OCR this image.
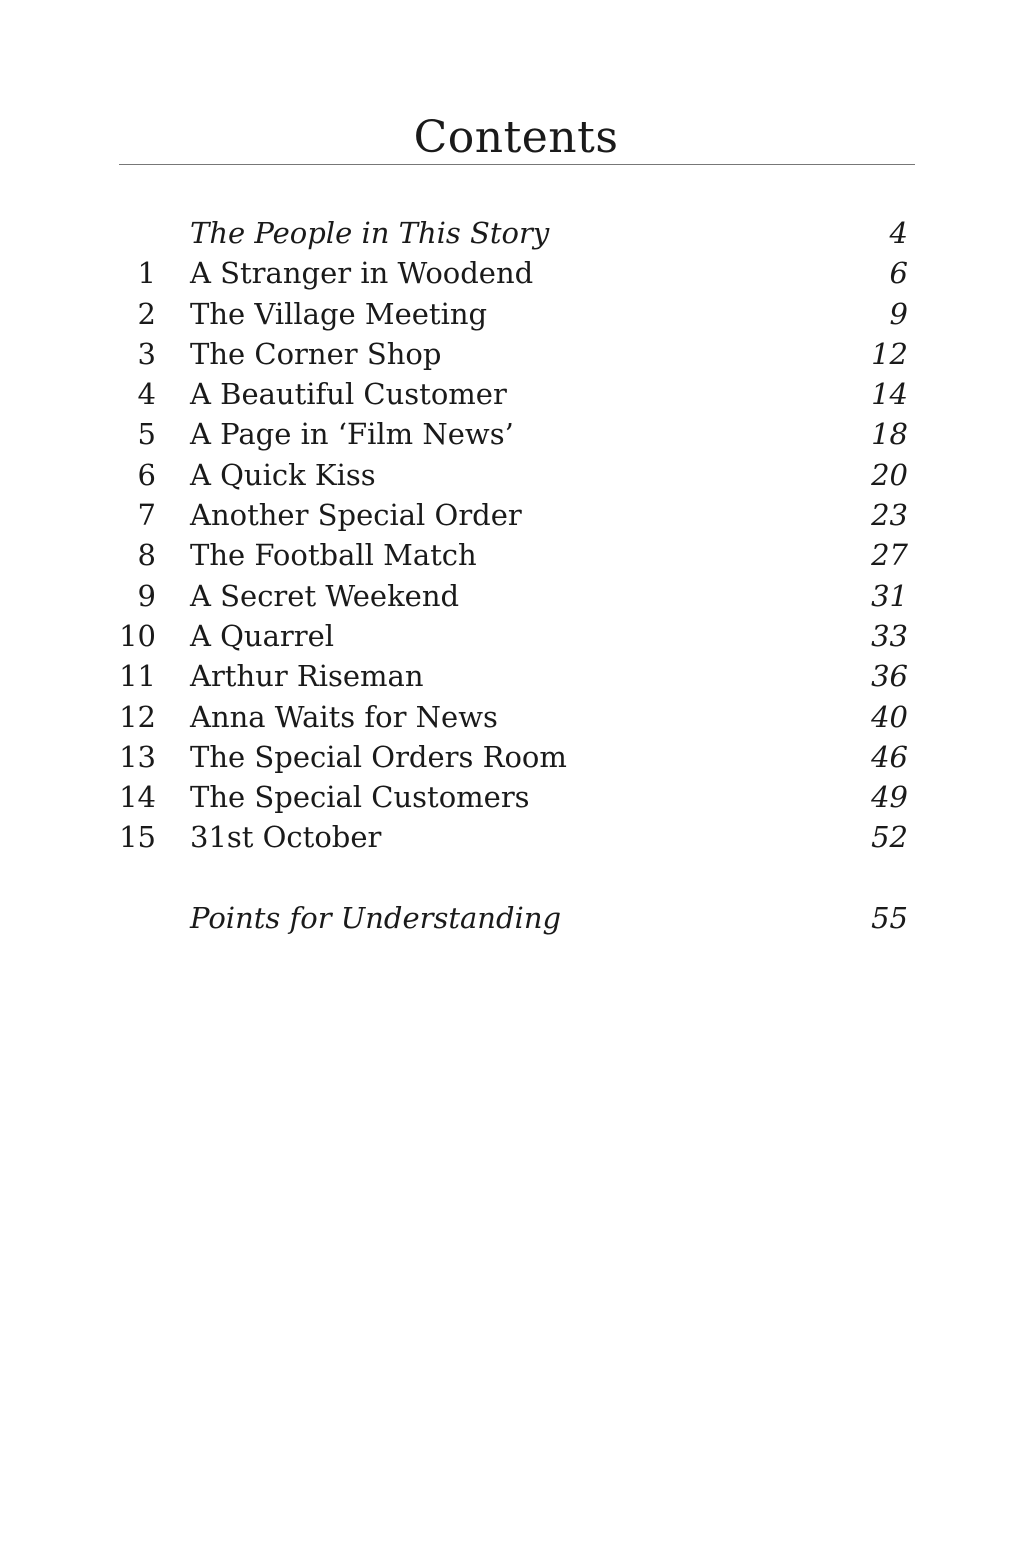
Contents
The People in This Story	4
1 A Stranger in Woodend	6
2 The Village Meeting	9
3 The Corner Shop	12
4 A Beautiful Customer	14
5 A Page in ‘Film News’	18
6 A Quick Kiss	20
7 Another Special Order	23
8 The Football Match	27
9 A Secret Weekend	31
10 A Quarrel	33
11 Arthur Riseman	36
12 Anna Waits for News	40
13 The Special Orders Room	46
14 The Special Customers	49
15 31st October	52
Points for Understanding	55
